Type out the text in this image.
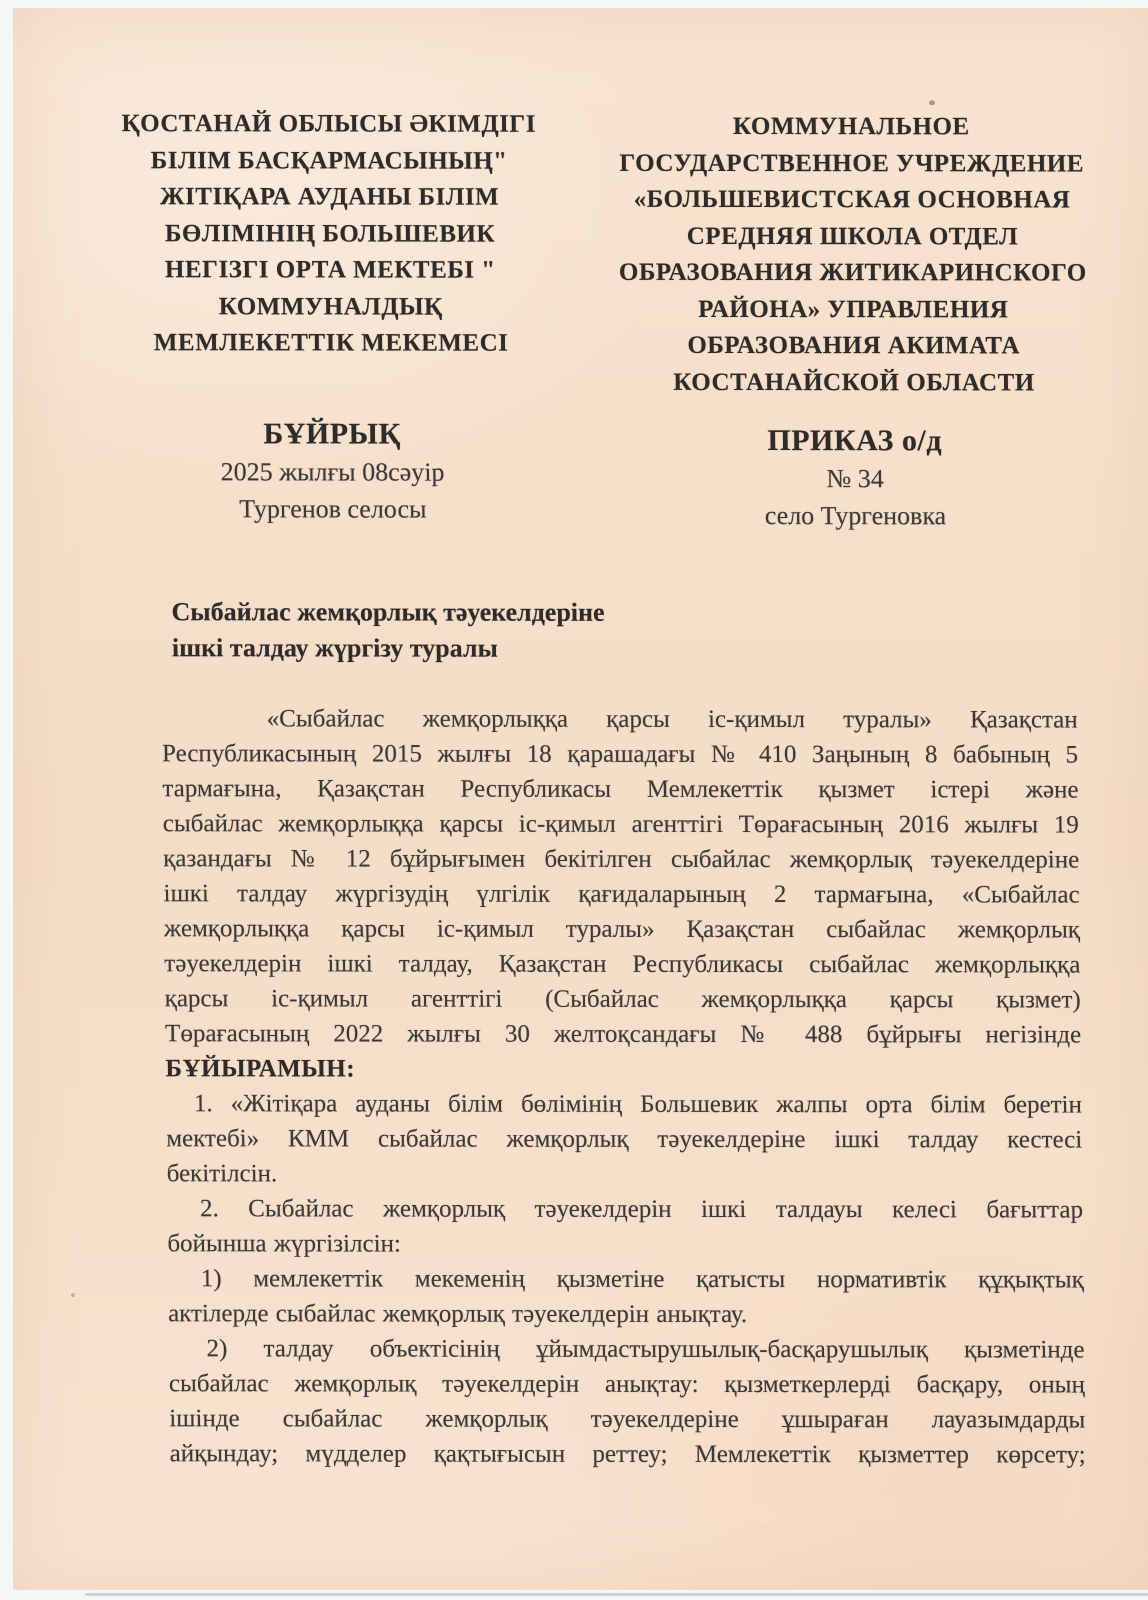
ҚОСТАНАЙ ОБЛЫСЫ ӘКІМДІГІ
БІЛІМ БАСҚАРМАСЫНЫҢ"
ЖІТІҚАРА АУДАНЫ БІЛІМ
БӨЛІМІНІҢ БОЛЬШЕВИК
НЕГІЗГІ ОРТА МЕКТЕБІ "
КОММУНАЛДЫҚ
МЕМЛЕКЕТТІК МЕКЕМЕСІ
КОММУНАЛЬНОЕ
ГОСУДАРСТВЕННОЕ УЧРЕЖДЕНИЕ
«БОЛЬШЕВИСТСКАЯ ОСНОВНАЯ
СРЕДНЯЯ ШКОЛА ОТДЕЛ
ОБРАЗОВАНИЯ ЖИТИКАРИНСКОГО
РАЙОНА» УПРАВЛЕНИЯ
ОБРАЗОВАНИЯ АКИМАТА
КОСТАНАЙСКОЙ ОБЛАСТИ
БҰЙРЫҚ
2025 жылғы 08сәуір
Тургенов селосы
ПРИКАЗ о/д
№ 34
село Тургеновка
Сыбайлас жемқорлық тәуекелдеріне
ішкі талдау жүргізу туралы
«Сыбайлас жемқорлыққа қарсы іс-қимыл туралы» Қазақстан
Республикасының 2015 жылғы 18 қарашадағы № 410 Заңының 8 бабының 5
тармағына, Қазақстан Республикасы Мемлекеттік қызмет істері және
сыбайлас жемқорлыққа қарсы іс-қимыл агенттігі Төрағасының 2016 жылғы 19
қазандағы № 12 бұйрығымен бекітілген сыбайлас жемқорлық тәуекелдеріне
ішкі талдау жүргізудің үлгілік қағидаларының 2 тармағына, «Сыбайлас
жемқорлыққа қарсы іс-қимыл туралы» Қазақстан сыбайлас жемқорлық
тәуекелдерін ішкі талдау, Қазақстан Республикасы сыбайлас жемқорлыққа
қарсы іс-қимыл агенттігі (Сыбайлас жемқорлыққа қарсы қызмет)
Төрағасының 2022 жылғы 30 желтоқсандағы № 488 бұйрығы негізінде
БҰЙЫРАМЫН:
1. «Жітіқара ауданы білім бөлімінің Большевик жалпы орта білім беретін
мектебі» КММ сыбайлас жемқорлық тәуекелдеріне ішкі талдау кестесі
бекітілсін.
2. Сыбайлас жемқорлық тәуекелдерін ішкі талдауы келесі бағыттар
бойынша жүргізілсін:
1) мемлекеттік мекеменің қызметіне қатысты нормативтік құқықтық
актілерде сыбайлас жемқорлық тәуекелдерін анықтау.
2) талдау объектісінің ұйымдастырушылық-басқарушылық қызметінде
сыбайлас жемқорлық тәуекелдерін анықтау: қызметкерлерді басқару, оның
ішінде сыбайлас жемқорлық тәуекелдеріне ұшыраған лауазымдарды
айқындау; мүдделер қақтығысын реттеу; Мемлекеттік қызметтер көрсету;
